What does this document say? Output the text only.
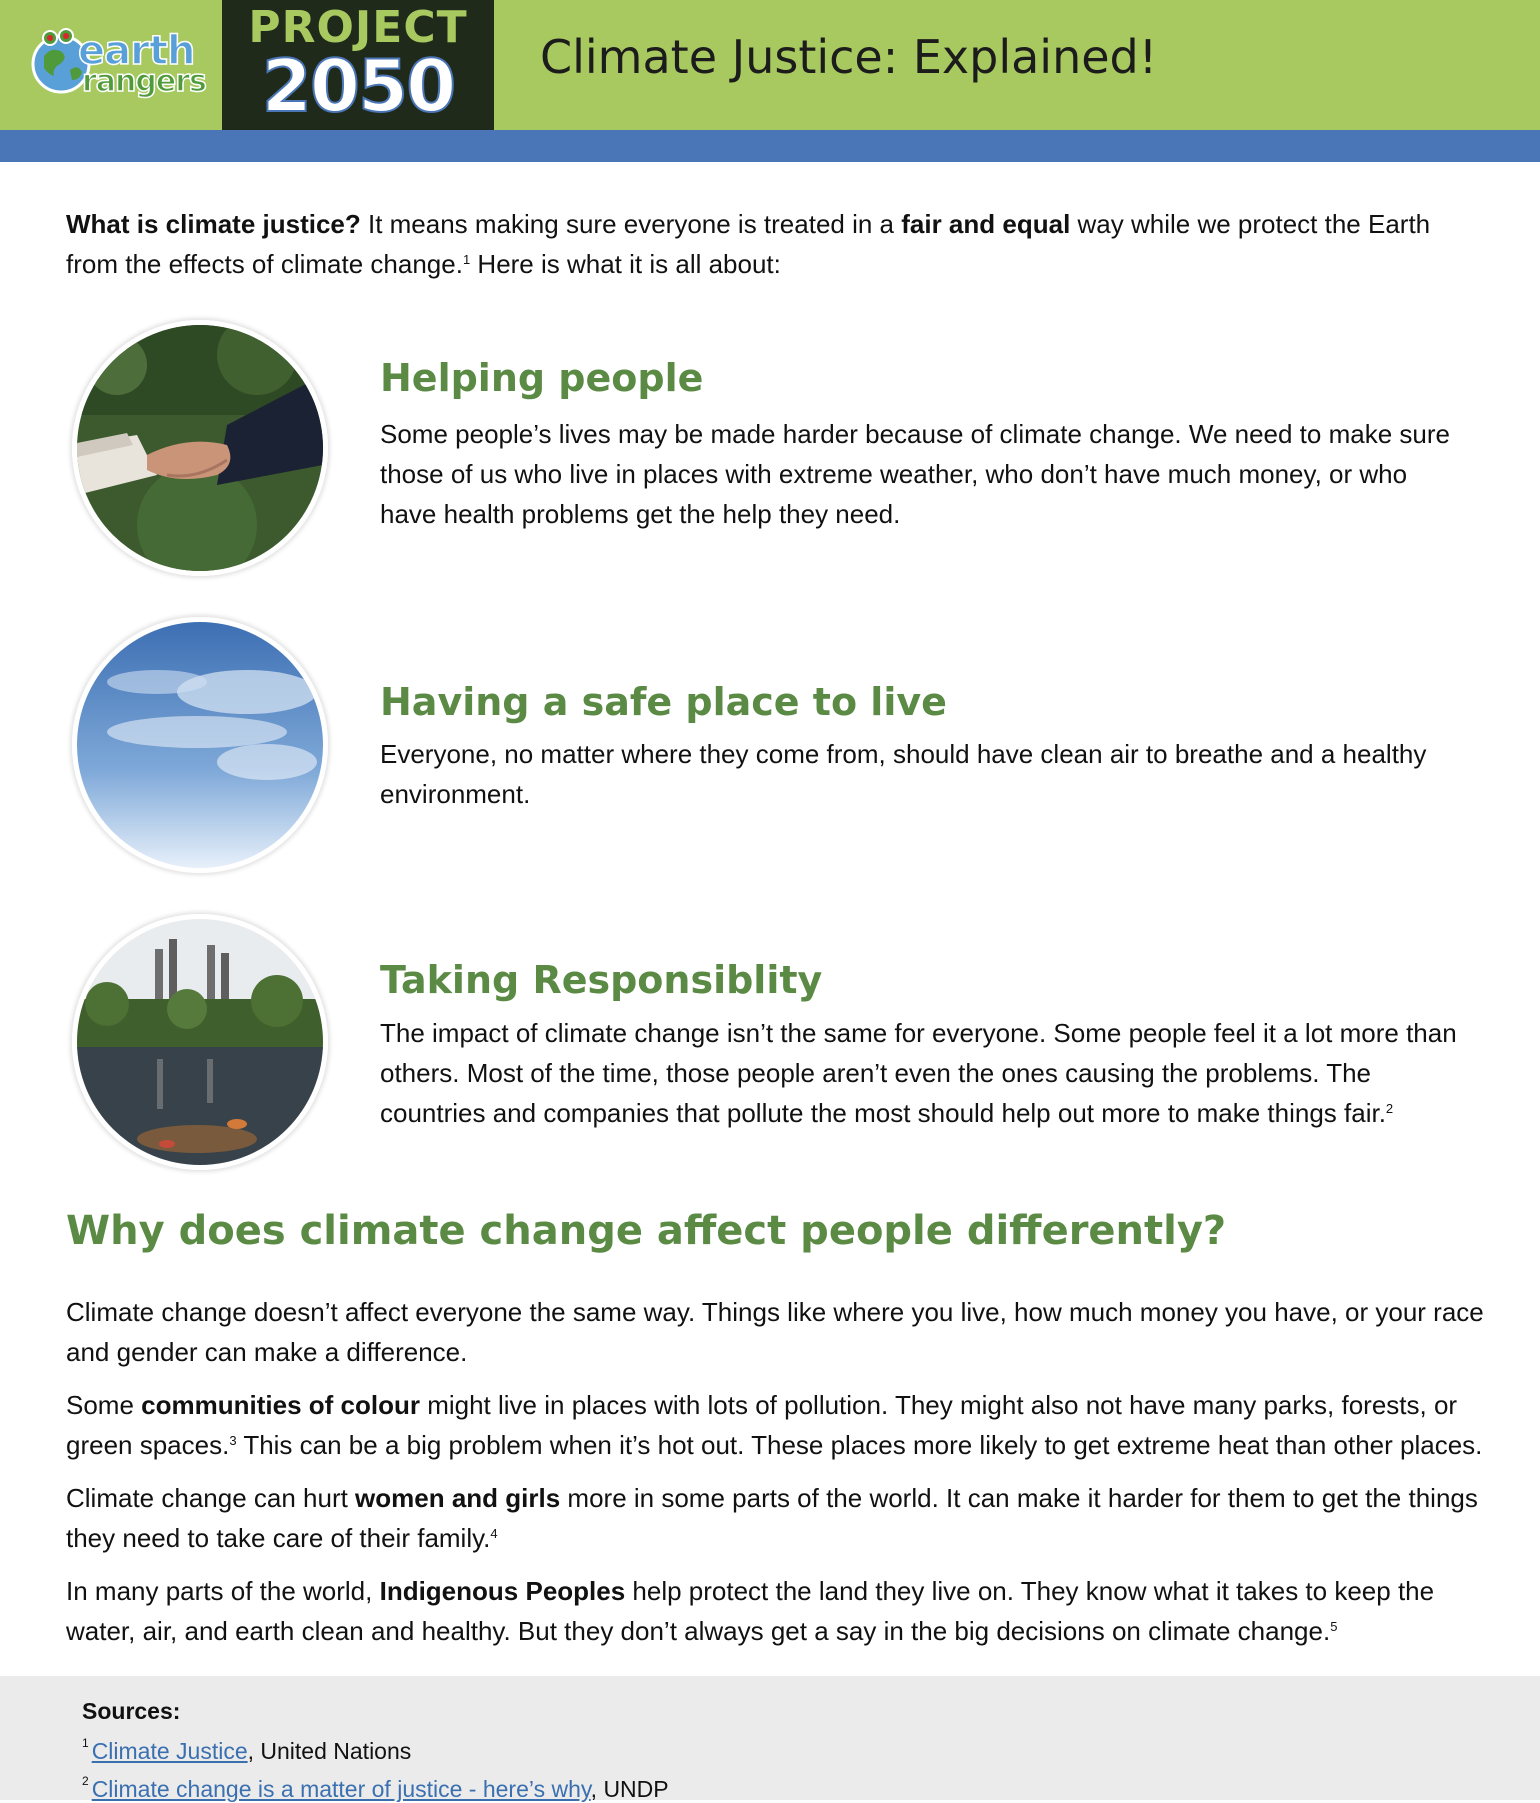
earth
rangers
PROJECT
2050	Climate Justice: Explained!
What is climate justice? It means making sure everyone is treated in a fair and equal way while we protect the Earth from the effects of climate change.$^1$ Here is what it is all about:
Helping people
Some people’s lives may be made harder because of climate change. We need to make sure those of us who live in places with extreme weather, who don’t have much money, or who have health problems get the help they need.
Having a safe place to live
Everyone, no matter where they come from, should have clean air to breathe and a healthy environment.
Taking Responsiblity
The impact of climate change isn’t the same for everyone. Some people feel it a lot more than others. Most of the time, those people aren’t even the ones causing the problems. The countries and companies that pollute the most should help out more to make things fair.$^2$
Why does climate change affect people differently?
Climate change doesn’t affect everyone the same way. Things like where you live, how much money you have, or your race and gender can make a difference.
Some communities of colour might live in places with lots of pollution. They might also not have many parks, forests, or green spaces.$^3$ This can be a big problem when it’s hot out. These places more likely to get extreme heat than other places.
Climate change can hurt women and girls more in some parts of the world. It can make it harder for them to get the things they need to take care of their family.$^4$
In many parts of the world, Indigenous Peoples help protect the land they live on. They know what it takes to keep the water, air, and earth clean and healthy. But they don’t always get a say in the big decisions on climate change.$^5$
Sources:
$^1$ Climate Justice, United Nations
$^2$ Climate change is a matter of justice - here’s why, UNDP
